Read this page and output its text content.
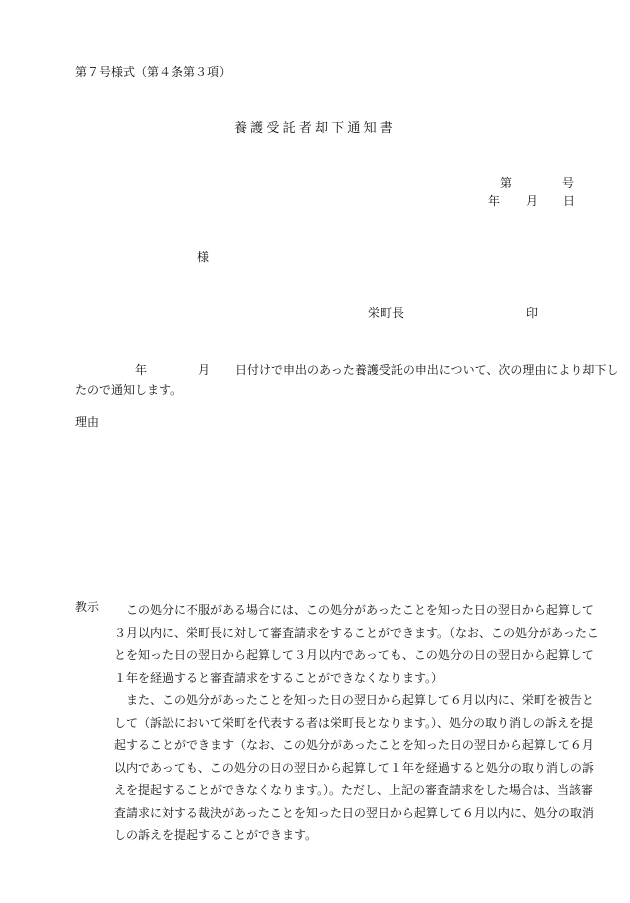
第７号様式（第４条第３項）
養護受託者却下通知書
第	号
年 月 日
様
栄町長	印
年	月 日付けで申出のあった養護受託の申出について、次の理由により却下し
たので通知します。
理由
教示	この処分に不服がある場合には、この処分があったことを知った日の翌日から起算して
３月以内に、栄町長に対して審査請求をすることができます。（なお、この処分があったこ
とを知った日の翌日から起算して３月以内であっても、この処分の日の翌日から起算して
１年を経過すると審査請求をすることができなくなります。）
また、この処分があったことを知った日の翌日から起算して６月以内に、栄町を被告と
して（訴訟において栄町を代表する者は栄町長となります。）、処分の取り消しの訴えを提
起することができます（なお、この処分があったことを知った日の翌日から起算して６月
以内であっても、この処分の日の翌日から起算して１年を経過すると処分の取り消しの訴
えを提起することができなくなります。）。ただし、上記の審査請求をした場合は、当該審
査請求に対する裁決があったことを知った日の翌日から起算して６月以内に、処分の取消
しの訴えを提起することができます。
